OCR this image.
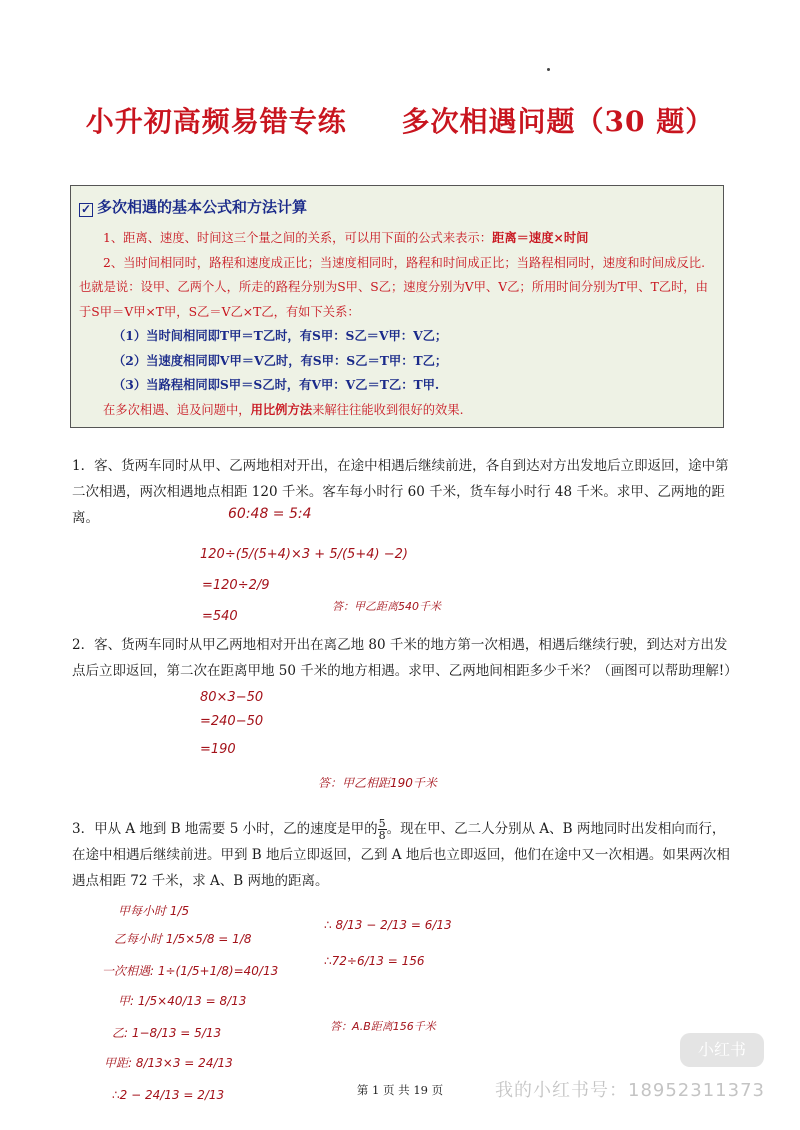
小升初高频易错专练 多次相遇问题（30 题）
✓ 多次相遇的基本公式和方法计算

1、距离、速度、时间这三个量之间的关系，可以用下面的公式来表示：距离＝速度×时间

2、当时间相同时，路程和速度成正比；当速度相同时，路程和时间成正比；当路程相同时，速度和时间成反比. 也就是说：设甲、乙两个人，所走的路程分别为S甲、S乙；速度分别为V甲、V乙；所用时间分别为T甲、T乙时，由于S甲＝V甲×T甲，S乙＝V乙×T乙，有如下关系：

（1）当时间相同即T甲＝T乙时，有S甲：S乙＝V甲：V乙；

（2）当速度相同即V甲＝V乙时，有S甲：S乙＝T甲：T乙；

（3）当路程相同即S甲＝S乙时，有V甲：V乙＝T乙：T甲.

在多次相遇、追及问题中，用比例方法来解往往能收到很好的效果.

1．客、货两车同时从甲、乙两地相对开出，在途中相遇后继续前进，各自到达对方出发地后立即返回，途中第二次相遇，两次相遇地点相距 120 千米。客车每小时行 60 千米，货车每小时行 48 千米。求甲、乙两地的距离。	60:48 = 5:4
120÷(5/(5+4)×3 + 5/(5+4) −2)
=120÷2/9
=540
答：甲乙距离540千米

2．客、货两车同时从甲乙两地相对开出在离乙地 80 千米的地方第一次相遇，相遇后继续行驶，到达对方出发点后立即返回，第二次在距离甲地 50 千米的地方相遇。求甲、乙两地间相距多少千米？（画图可以帮助理解!）

80×3−50
=240−50
=190
答：甲乙相距190千米

3．甲从 A 地到 B 地需要 5 小时，乙的速度是甲的 $\frac{5}{8}$ 。现在甲、乙二人分别从 A、B 两地同时出发相向而行，在途中相遇后继续前进。甲到 B 地后立即返回，乙到 A 地后也立即返回，他们在途中又一次相遇。如果两次相遇点相距 72 千米，求 A、B 两地的距离。

甲每小时 1/5
乙每小时 1/5×5/8 = 1/8
一次相遇: 1÷(1/5+1/8)=40/13
甲: 1/5×40/13 = 8/13
乙: 1−8/13 = 5/13
甲距: 8/13×3 = 24/13
∴2 − 24/13 = 2/13
∴ 8/13 − 2/13 = 6/13
∴72÷6/13 = 156
答：A.B距离156千米
小红书
第 1 页 共 19 页	我的小红书号：1895231137​3
